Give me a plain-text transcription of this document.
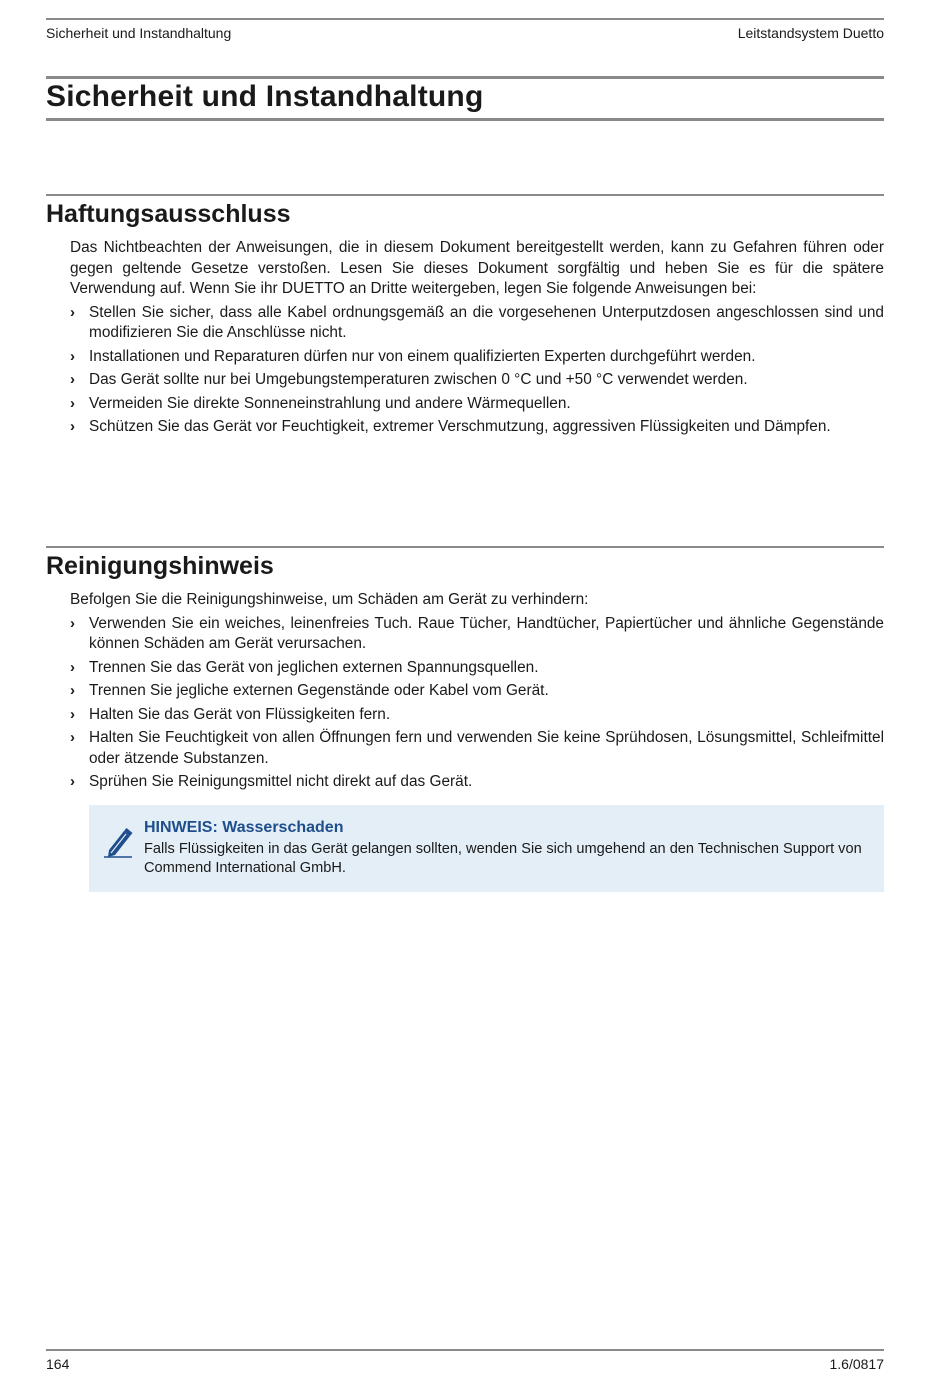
Sicherheit und Instandhaltung	Leitstandsystem Duetto
Sicherheit und Instandhaltung
Haftungsausschluss

Das Nichtbeachten der Anweisungen, die in diesem Dokument bereitgestellt werden, kann zu Gefahren führen oder gegen geltende Gesetze verstoßen. Lesen Sie dieses Dokument sorgfältig und heben Sie es für die spätere Verwendung auf. Wenn Sie ihr DUETTO an Dritte weitergeben, legen Sie folgende Anweisungen bei:

› Stellen Sie sicher, dass alle Kabel ordnungsgemäß an die vorgesehenen Unterputzdosen angeschlossen sind und modifizieren Sie die Anschlüsse nicht.
› Installationen und Reparaturen dürfen nur von einem qualifizierten Experten durchgeführt werden.
› Das Gerät sollte nur bei Umgebungstemperaturen zwischen 0 °C und +50 °C verwendet werden.
› Vermeiden Sie direkte Sonneneinstrahlung und andere Wärmequellen.
› Schützen Sie das Gerät vor Feuchtigkeit, extremer Verschmutzung, aggressiven Flüssigkeiten und Dämpfen.
Reinigungshinweis

Befolgen Sie die Reinigungshinweise, um Schäden am Gerät zu verhindern:

› Verwenden Sie ein weiches, leinenfreies Tuch. Raue Tücher, Handtücher, Papiertücher und ähnliche Gegenstände können Schäden am Gerät verursachen.
› Trennen Sie das Gerät von jeglichen externen Spannungsquellen.
› Trennen Sie jegliche externen Gegenstände oder Kabel vom Gerät.
› Halten Sie das Gerät von Flüssigkeiten fern.
› Halten Sie Feuchtigkeit von allen Öffnungen fern und verwenden Sie keine Sprühdosen, Lösungsmittel, Schleifmittel oder ätzende Substanzen.
› Sprühen Sie Reinigungsmittel nicht direkt auf das Gerät.
164	1.6/0817
HINWEIS: Wasserschaden
Falls Flüssigkeiten in das Gerät gelangen sollten, wenden Sie sich umgehend an den Technischen Support von Commend International GmbH.
